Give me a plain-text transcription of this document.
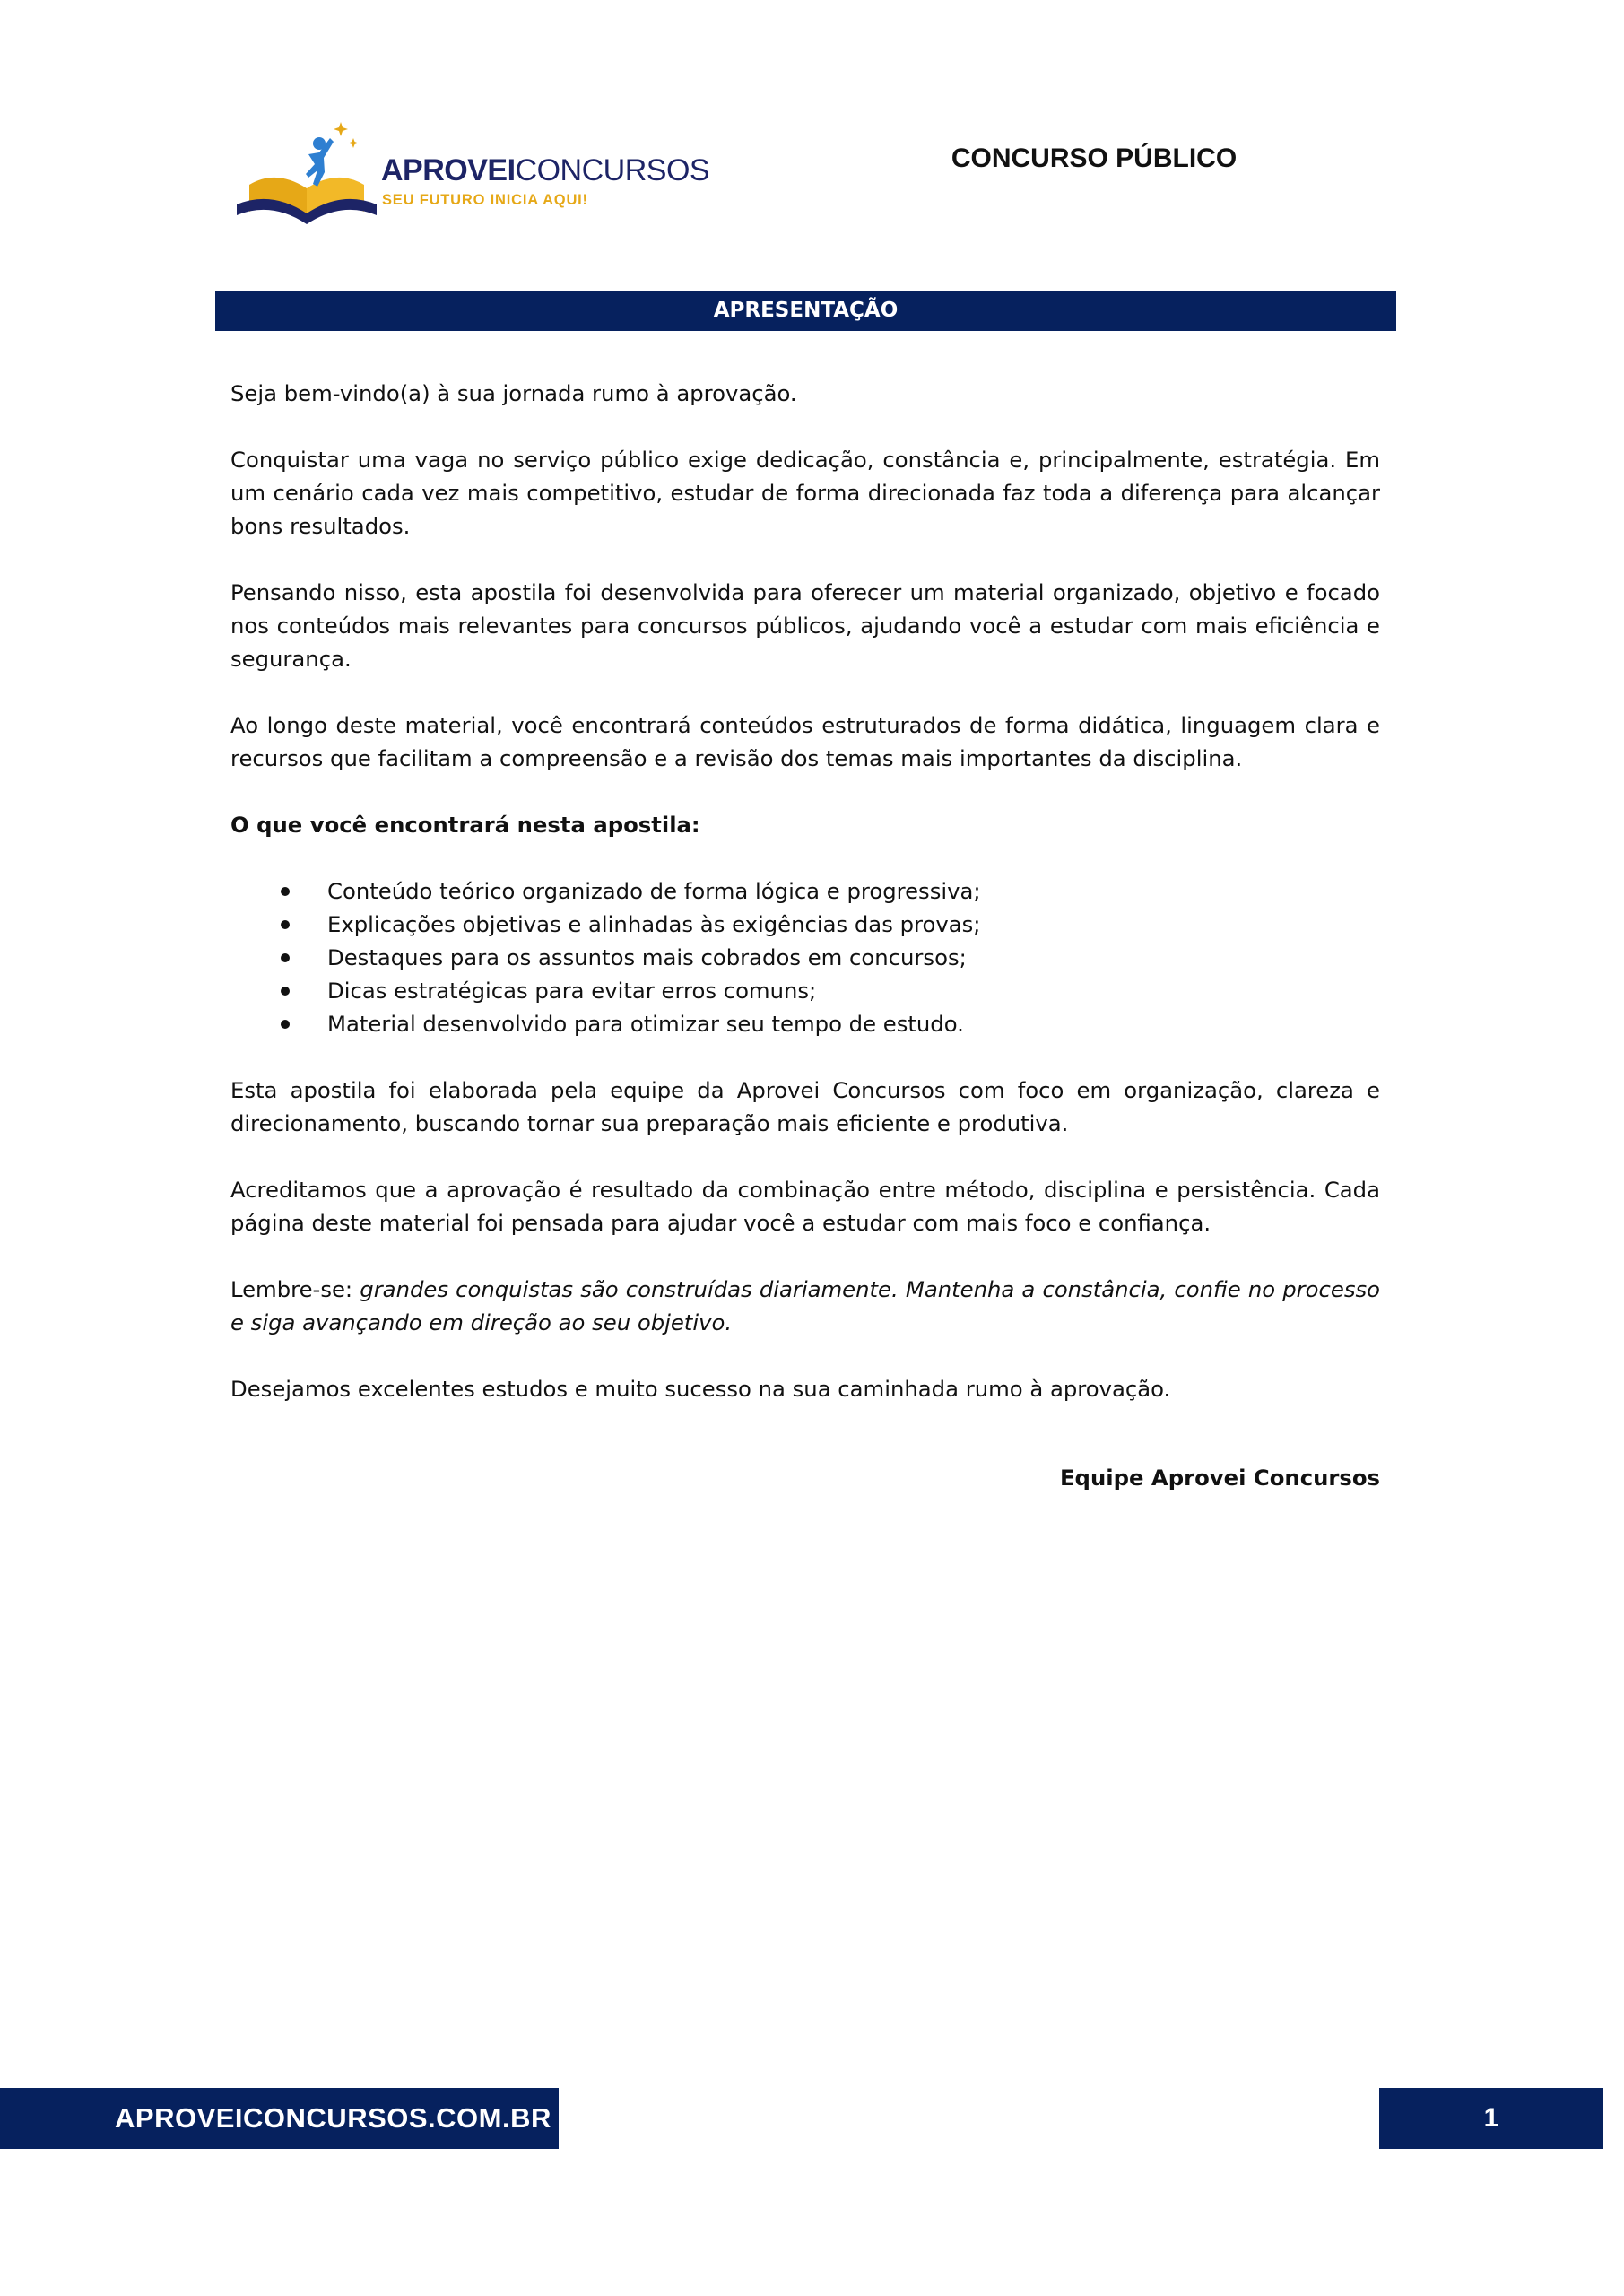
APROVEICONCURSOS
SEU FUTURO INICIA AQUI!
CONCURSO PÚBLICO
APRESENTAÇÃO

Seja bem-vindo(a) à sua jornada rumo à aprovação.

Conquistar uma vaga no serviço público exige dedicação, constância e, principalmente, estratégia. Em um cenário cada vez mais competitivo, estudar de forma direcionada faz toda a diferença para alcançar bons resultados.

Pensando nisso, esta apostila foi desenvolvida para oferecer um material organizado, objetivo e focado nos conteúdos mais relevantes para concursos públicos, ajudando você a estudar com mais eficiência e segurança.

Ao longo deste material, você encontrará conteúdos estruturados de forma didática, linguagem clara e recursos que facilitam a compreensão e a revisão dos temas mais importantes da disciplina.

O que você encontrará nesta apostila:

Conteúdo teórico organizado de forma lógica e progressiva;
Explicações objetivas e alinhadas às exigências das provas;
Destaques para os assuntos mais cobrados em concursos;
Dicas estratégicas para evitar erros comuns;
Material desenvolvido para otimizar seu tempo de estudo.

Esta apostila foi elaborada pela equipe da Aprovei Concursos com foco em organização, clareza e direcionamento, buscando tornar sua preparação mais eficiente e produtiva.

Acreditamos que a aprovação é resultado da combinação entre método, disciplina e persistência. Cada página deste material foi pensada para ajudar você a estudar com mais foco e confiança.

Lembre-se: grandes conquistas são construídas diariamente. Mantenha a constância, confie no processo e siga avançando em direção ao seu objetivo.

Desejamos excelentes estudos e muito sucesso na sua caminhada rumo à aprovação.

Equipe Aprovei Concursos

APROVEICONCURSOS.COM.BR	1
